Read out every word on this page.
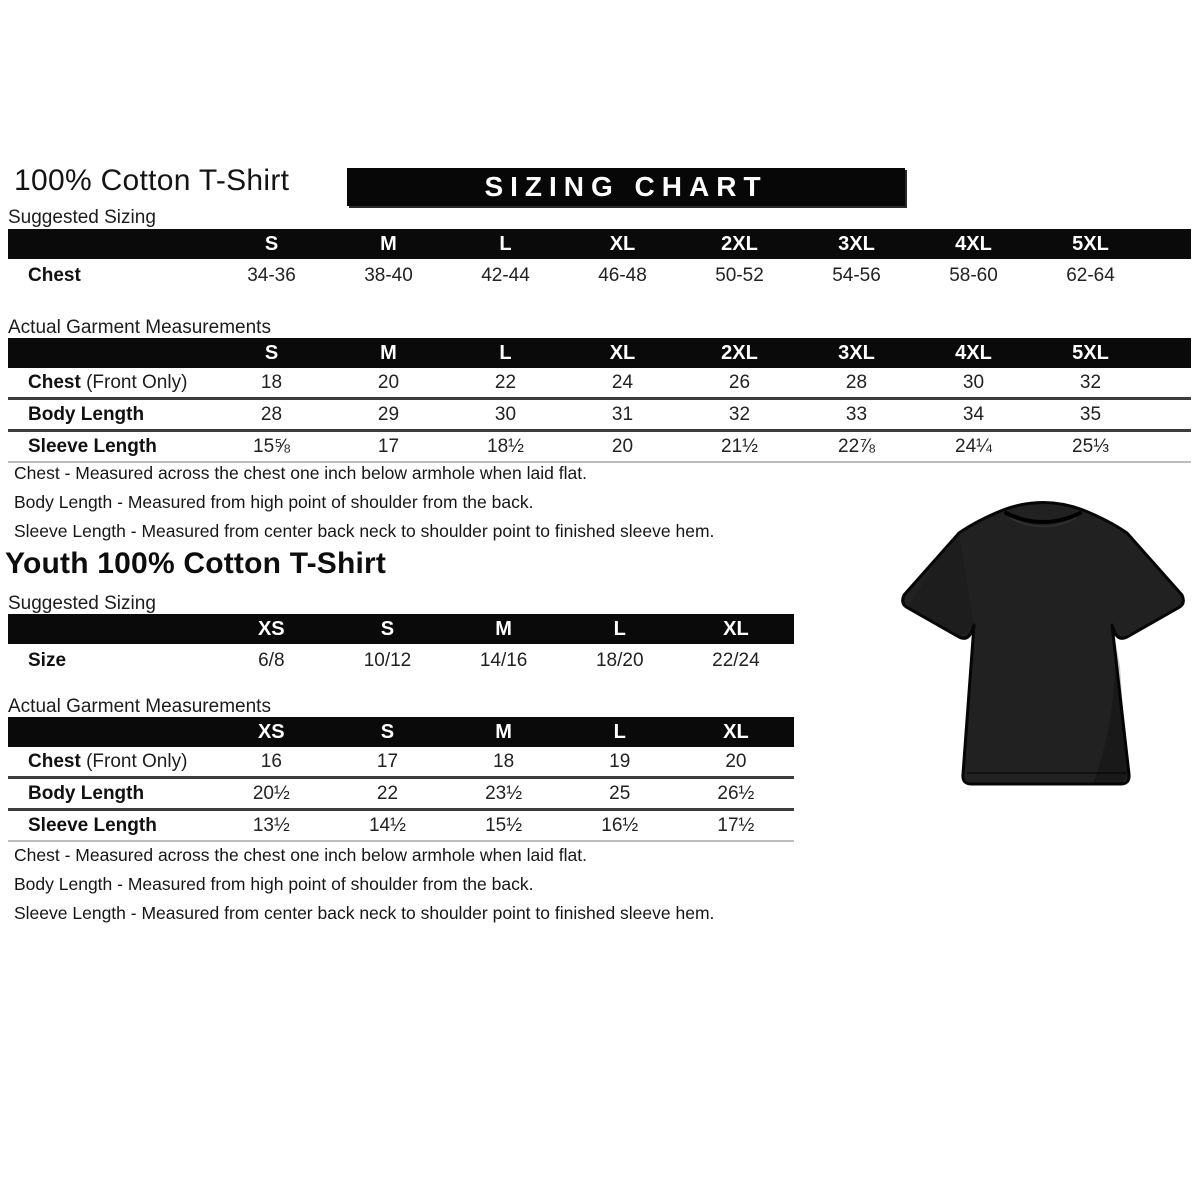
100% Cotton T-Shirt	SIZING CHART
Suggested Sizing
	S	M	L	XL	2XL	3XL	4XL	5XL	
Chest	34-36	38-40	42-44	46-48	50-52	54-56	58-60	62-64	
Actual Garment Measurements
	S	M	L	XL	2XL	3XL	4XL	5XL	
Chest (Front Only)	18	20	22	24	26	28	30	32	
Body Length	28	29	30	31	32	33	34	35	
Sleeve Length	15⅝	17	18½	20	21½	22⅞	24¼	25⅓	
Chest - Measured across the chest one inch below armhole when laid flat.
Body Length - Measured from high point of shoulder from the back.
Sleeve Length - Measured from center back neck to shoulder point to finished sleeve hem.
Youth 100% Cotton T-Shirt
Suggested Sizing
	XS	S	M	L	XL
Size	6/8	10/12	14/16	18/20	22/24
Actual Garment Measurements
	XS	S	M	L	XL
Chest (Front Only)	16	17	18	19	20
Body Length	20½	22	23½	25	26½
Sleeve Length	13½	14½	15½	16½	17½
Chest - Measured across the chest one inch below armhole when laid flat.
Body Length - Measured from high point of shoulder from the back.
Sleeve Length - Measured from center back neck to shoulder point to finished sleeve hem.
